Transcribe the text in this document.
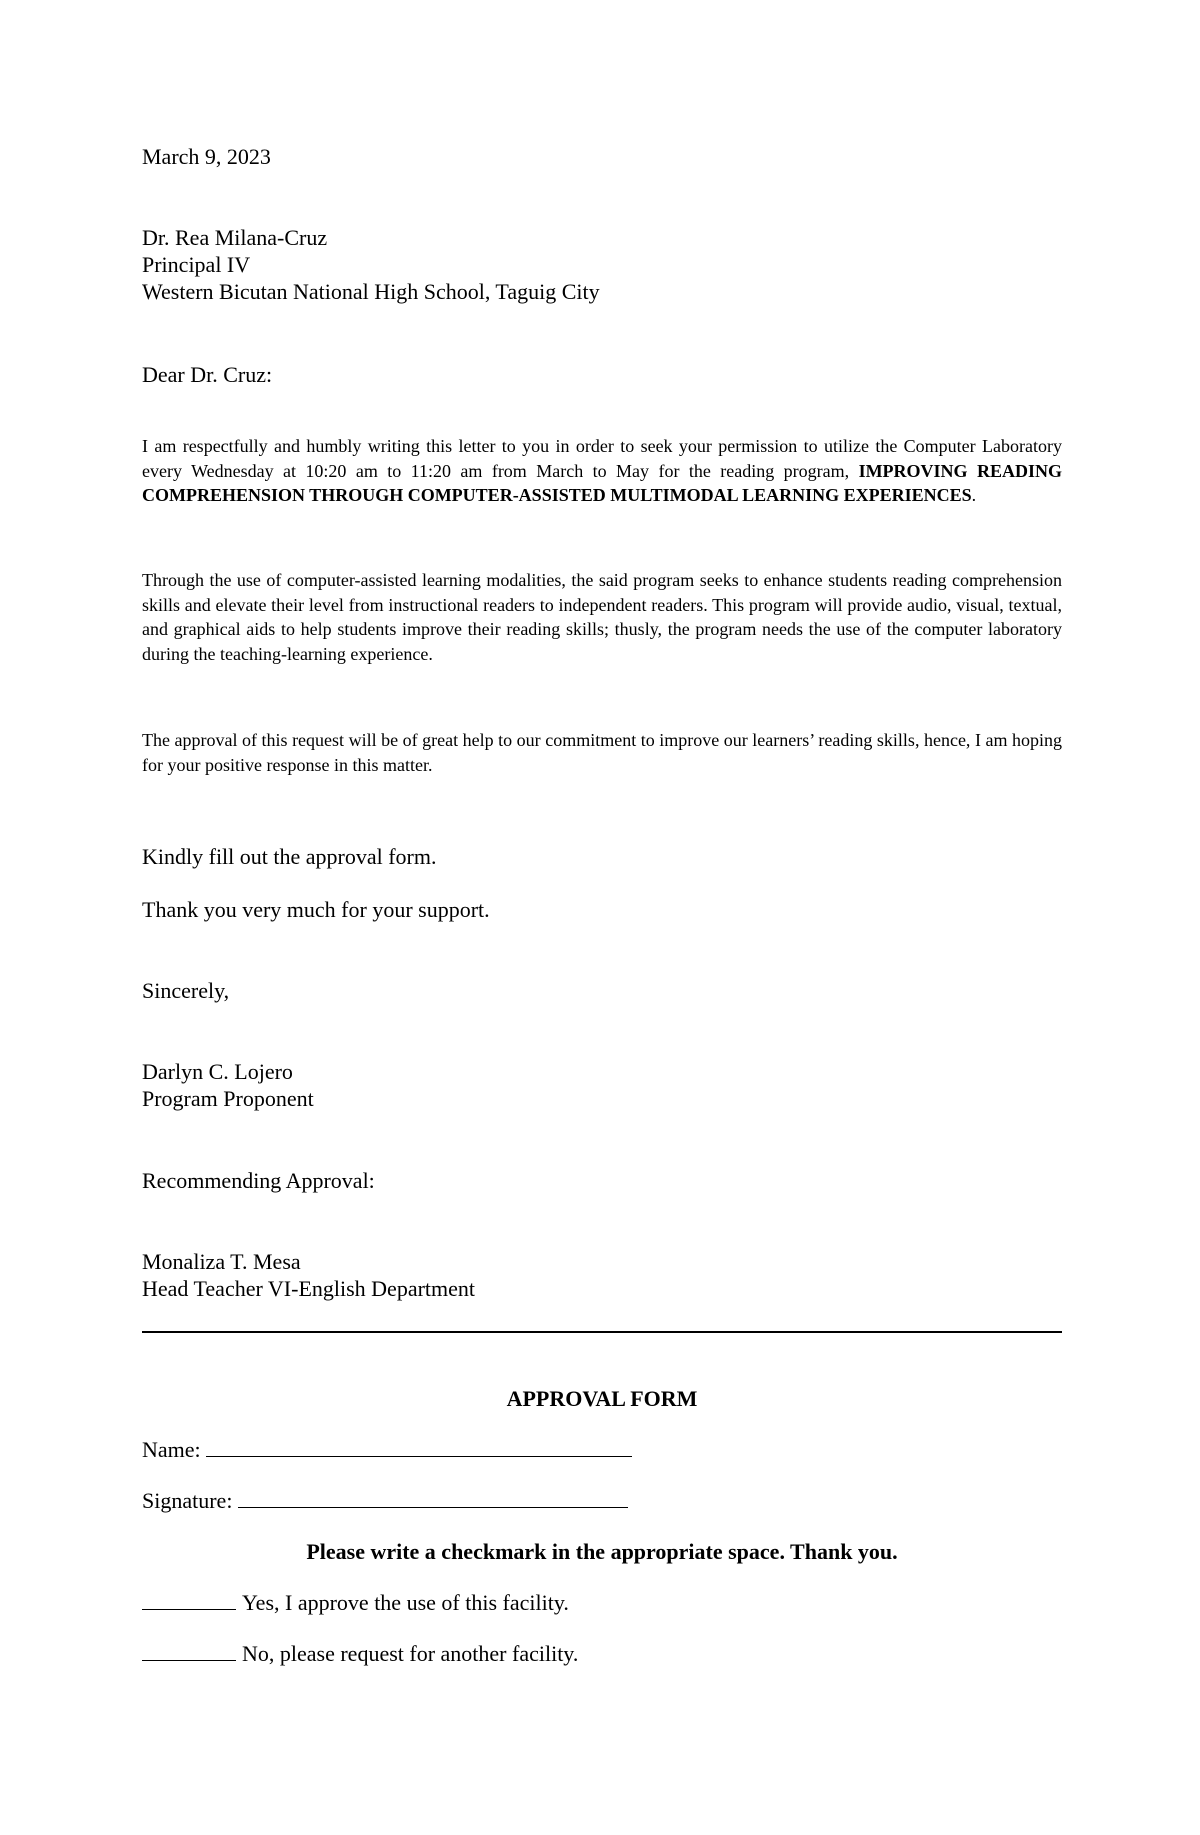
March 9, 2023

Dr. Rea Milana-Cruz
Principal IV
Western Bicutan National High School, Taguig City

Dear Dr. Cruz:

I am respectfully and humbly writing this letter to you in order to seek your permission to utilize the Computer Laboratory every Wednesday at 10:20 am to 11:20 am from March to May for the reading program, IMPROVING READING COMPREHENSION THROUGH COMPUTER-ASSISTED MULTIMODAL LEARNING EXPERIENCES.

Through the use of computer-assisted learning modalities, the said program seeks to enhance students reading comprehension skills and elevate their level from instructional readers to independent readers. This program will provide audio, visual, textual, and graphical aids to help students improve their reading skills; thusly, the program needs the use of the computer laboratory during the teaching-learning experience.

The approval of this request will be of great help to our commitment to improve our learners’ reading skills, hence, I am hoping for your positive response in this matter.

Kindly fill out the approval form.

Thank you very much for your support.

Sincerely,

Darlyn C. Lojero
Program Proponent

Recommending Approval:

Monaliza T. Mesa
Head Teacher VI-English Department

APPROVAL FORM

Name:

Signature:

Please write a checkmark in the appropriate space. Thank you.

Yes, I approve the use of this facility.

No, please request for another facility.
